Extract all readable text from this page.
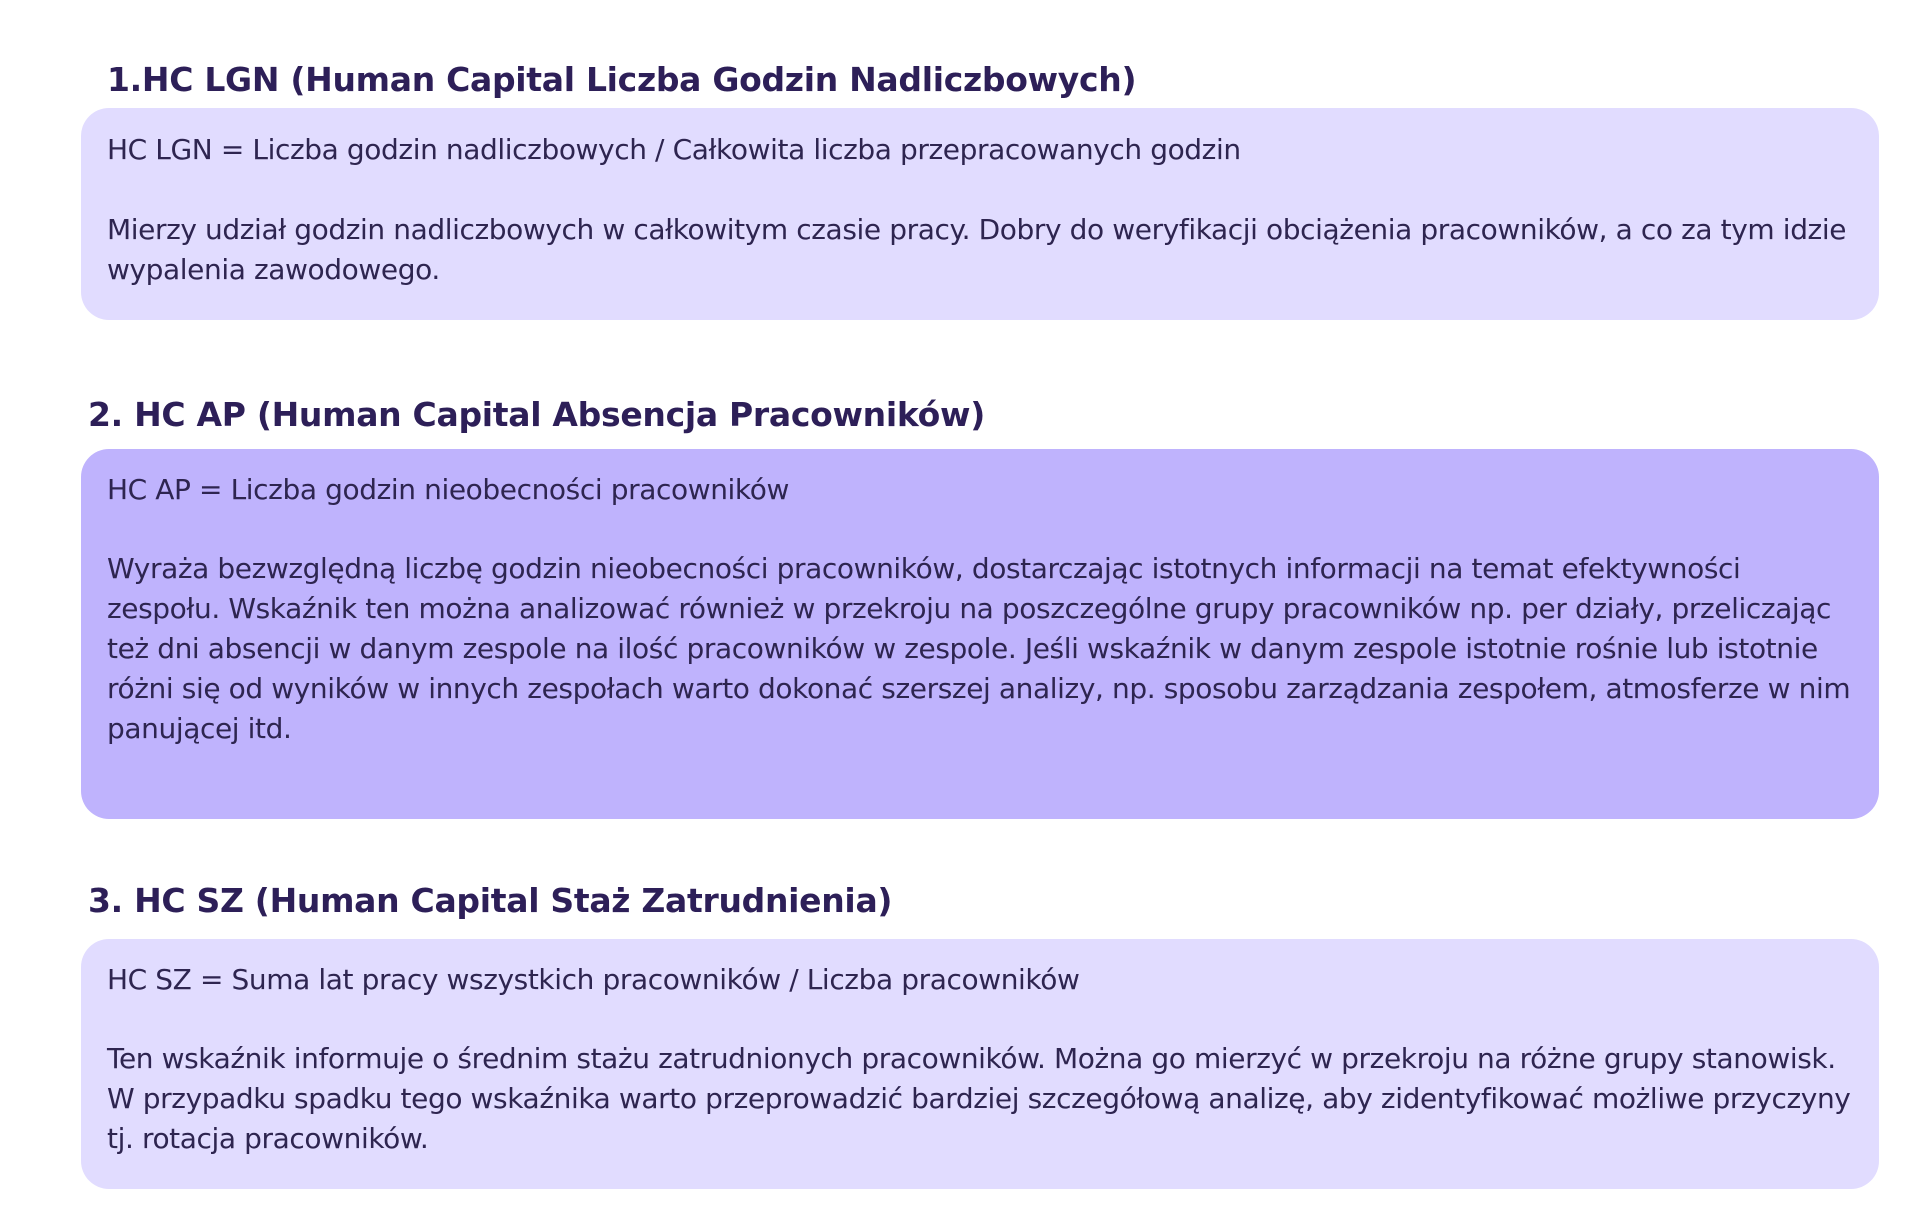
1.HC LGN (Human Capital Liczba Godzin Nadliczbowych)

HC LGN = Liczba godzin nadliczbowych / Całkowita liczba przepracowanych godzin

Mierzy udział godzin nadliczbowych w całkowitym czasie pracy. Dobry do weryfikacji obciążenia pracowników, a co za tym idzie wypalenia zawodowego.

2. HC AP (Human Capital Absencja Pracowników)

HC AP = Liczba godzin nieobecności pracowników

Wyraża bezwzględną liczbę godzin nieobecności pracowników, dostarczając istotnych informacji na temat efektywności zespołu. Wskaźnik ten można analizować również w przekroju na poszczególne grupy pracowników np. per działy, przeliczając też dni absencji w danym zespole na ilość pracowników w zespole. Jeśli wskaźnik w danym zespole istotnie rośnie lub istotnie różni się od wyników w innych zespołach warto dokonać szerszej analizy, np. sposobu zarządzania zespołem, atmosferze w nim panującej itd.

3. HC SZ (Human Capital Staż Zatrudnienia)

HC SZ = Suma lat pracy wszystkich pracowników / Liczba pracowników

Ten wskaźnik informuje o średnim stażu zatrudnionych pracowników. Można go mierzyć w przekroju na różne grupy stanowisk. W przypadku spadku tego wskaźnika warto przeprowadzić bardziej szczegółową analizę, aby zidentyfikować możliwe przyczyny tj. rotacja pracowników.
